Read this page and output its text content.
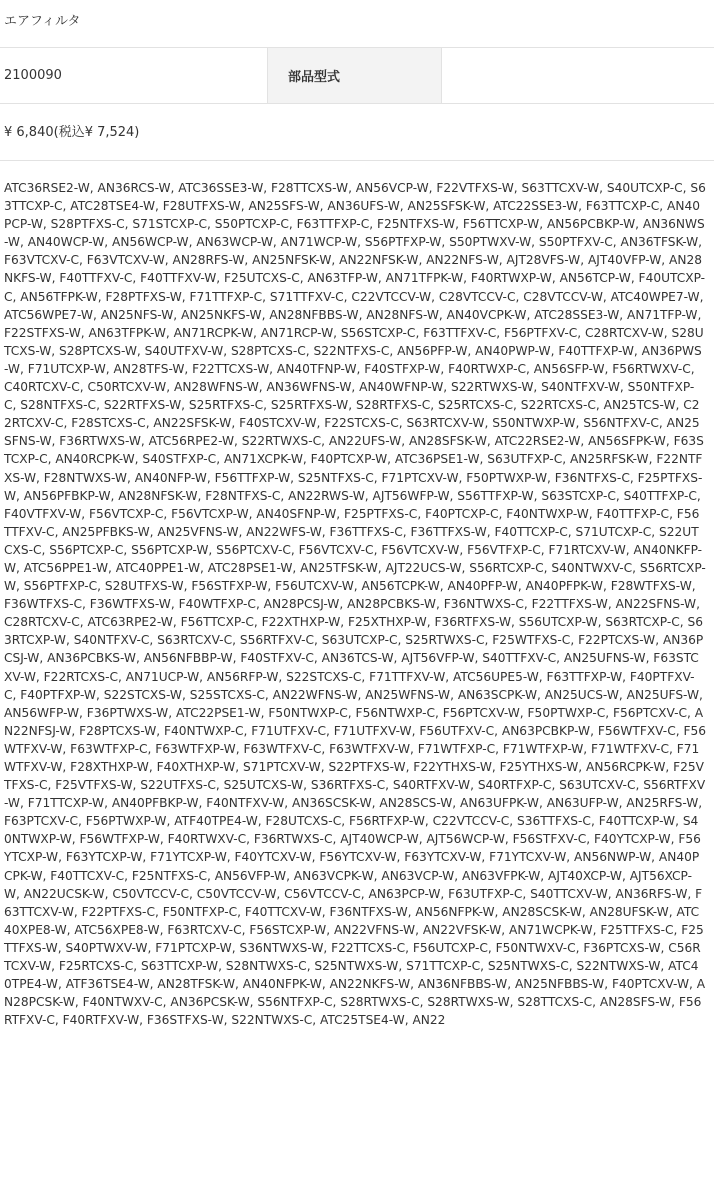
エアフィルタ
2100090	部品型式
¥ 6,840(税込¥ 7,524)
ATC36RSE2-W, AN36RCS-W, ATC36SSE3-W, F28TTCXS-W, AN56VCP-W, F22VTFXS-W, S63TTCXV-W, S40UTCXP-C, S63TTCXP-C, ATC28TSE4-W, F28UTFXS-W, AN25SFS-W, AN36UFS-W, AN25SFSK-W, ATC22SSE3-W, F63TTCXP-C, AN40PCP-W, S28PTFXS-C, S71STCXP-C, S50PTCXP-C, F63TTFXP-C, F25NTFXS-W, F56TTCXP-W, AN56PCBKP-W, AN36NWS-W, AN40WCP-W, AN56WCP-W, AN63WCP-W, AN71WCP-W, S56PTFXP-W, S50PTWXV-W, S50PTFXV-C, AN36TFSK-W, F63VTCXV-C, F63VTCXV-W, AN28RFS-W, AN25NFSK-W, AN22NFSK-W, AN22NFS-W, AJT28VFS-W, AJT40VFP-W, AN28NKFS-W, F40TTFXV-C, F40TTFXV-W, F25UTCXS-C, AN63TFP-W, AN71TFPK-W, F40RTWXP-W, AN56TCP-W, F40UTCXP-C, AN56TFPK-W, F28PTFXS-W, F71TTFXP-C, S71TTFXV-C, C22VTCCV-W, C28VTCCV-C, C28VTCCV-W, ATC40WPE7-W, ATC56WPE7-W, AN25NFS-W, AN25NKFS-W, AN28NFBBS-W, AN28NFS-W, AN40VCPK-W, ATC28SSE3-W, AN71TFP-W, F22STFXS-W, AN63TFPK-W, AN71RCPK-W, AN71RCP-W, S56STCXP-C, F63TTFXV-C, F56PTFXV-C, C28RTCXV-W, S28UTCXS-W, S28PTCXS-W, S40UTFXV-W, S28PTCXS-C, S22NTFXS-C, AN56PFP-W, AN40PWP-W, F40TTFXP-W, AN36PWS-W, F71UTCXP-W, AN28TFS-W, F22TTCXS-W, AN40TFNP-W, F40STFXP-W, F40RTWXP-C, AN56SFP-W, F56RTWXV-C, C40RTCXV-C, C50RTCXV-W, AN28WFNS-W, AN36WFNS-W, AN40WFNP-W, S22RTWXS-W, S40NTFXV-W, S50NTFXP-C, S28NTFXS-C, S22RTFXS-W, S25RTFXS-C, S25RTFXS-W, S28RTFXS-C, S25RTCXS-C, S22RTCXS-C, AN25TCS-W, C22RTCXV-C, F28STCXS-C, AN22SFSK-W, F40STCXV-W, F22STCXS-C, S63RTCXV-W, S50NTWXP-W, S56NTFXV-C, AN25SFNS-W, F36RTWXS-W, ATC56RPE2-W, S22RTWXS-C, AN22UFS-W, AN28SFSK-W, ATC22RSE2-W, AN56SFPK-W, F63STCXP-C, AN40RCPK-W, S40STFXP-C, AN71XCPK-W, F40PTCXP-W, ATC36PSE1-W, S63UTFXP-C, AN25RFSK-W, F22NTFXS-W, F28NTWXS-W, AN40NFP-W, F56TTFXP-W, S25NTFXS-C, F71PTCXV-W, F50PTWXP-W, F36NTFXS-C, F25PTFXS-W, AN56PFBKP-W, AN28NFSK-W, F28NTFXS-C, AN22RWS-W, AJT56WFP-W, S56TTFXP-W, S63STCXP-C, S40TTFXP-C, F40VTFXV-W, F56VTCXP-C, F56VTCXP-W, AN40SFNP-W, F25PTFXS-C, F40PTCXP-C, F40NTWXP-W, F40TTFXP-C, F56TTFXV-C, AN25PFBKS-W, AN25VFNS-W, AN22WFS-W, F36TTFXS-C, F36TTFXS-W, F40TTCXP-C, S71UTCXP-C, S22UTCXS-C, S56PTCXP-C, S56PTCXP-W, S56PTCXV-C, F56VTCXV-C, F56VTCXV-W, F56VTFXP-C, F71RTCXV-W, AN40NKFP-W, ATC56PPE1-W, ATC40PPE1-W, ATC28PSE1-W, AN25TFSK-W, AJT22UCS-W, S56RTCXP-C, S40NTWXV-C, S56RTCXP-W, S56PTFXP-C, S28UTFXS-W, F56STFXP-W, F56UTCXV-W, AN56TCPK-W, AN40PFP-W, AN40PFPK-W, F28WTFXS-W, F36WTFXS-C, F36WTFXS-W, F40WTFXP-C, AN28PCSJ-W, AN28PCBKS-W, F36NTWXS-C, F22TTFXS-W, AN22SFNS-W, C28RTCXV-C, ATC63RPE2-W, F56TTCXP-C, F22XTHXP-W, F25XTHXP-W, F36RTFXS-W, S56UTCXP-W, S63RTCXP-C, S63RTCXP-W, S40NTFXV-C, S63RTCXV-C, S56RTFXV-C, S63UTCXP-C, S25RTWXS-C, F25WTFXS-C, F22PTCXS-W, AN36PCSJ-W, AN36PCBKS-W, AN56NFBBP-W, F40STFXV-C, AN36TCS-W, AJT56VFP-W, S40TTFXV-C, AN25UFNS-W, F63STCXV-W, F22RTCXS-C, AN71UCP-W, AN56RFP-W, S22STCXS-C, F71TTFXV-W, ATC56UPE5-W, F63TTFXP-W, F40PTFXV-C, F40PTFXP-W, S22STCXS-W, S25STCXS-C, AN22WFNS-W, AN25WFNS-W, AN63SCPK-W, AN25UCS-W, AN25UFS-W, AN56WFP-W, F36PTWXS-W, ATC22PSE1-W, F50NTWXP-C, F56NTWXP-C, F56PTCXV-W, F50PTWXP-C, F56PTCXV-C, AN22NFSJ-W, F28PTCXS-W, F40NTWXP-C, F71UTFXV-C, F71UTFXV-W, F56UTFXV-C, AN63PCBKP-W, F56WTFXV-C, F56WTFXV-W, F63WTFXP-C, F63WTFXP-W, F63WTFXV-C, F63WTFXV-W, F71WTFXP-C, F71WTFXP-W, F71WTFXV-C, F71WTFXV-W, F28XTHXP-W, F40XTHXP-W, S71PTCXV-W, S22PTFXS-W, F22YTHXS-W, F25YTHXS-W, AN56RCPK-W, F25VTFXS-C, F25VTFXS-W, S22UTFXS-C, S25UTCXS-W, S36RTFXS-C, S40RTFXV-W, S40RTFXP-C, S63UTCXV-C, S56RTFXV-W, F71TTCXP-W, AN40PFBKP-W, F40NTFXV-W, AN36SCSK-W, AN28SCS-W, AN63UFPK-W, AN63UFP-W, AN25RFS-W, F63PTCXV-C, F56PTWXP-W, ATF40TPE4-W, F28UTCXS-C, F56RTFXP-W, C22VTCCV-C, S36TTFXS-C, F40TTCXP-W, S40NTWXP-W, F56WTFXP-W, F40RTWXV-C, F36RTWXS-C, AJT40WCP-W, AJT56WCP-W, F56STFXV-C, F40YTCXP-W, F56YTCXP-W, F63YTCXP-W, F71YTCXP-W, F40YTCXV-W, F56YTCXV-W, F63YTCXV-W, F71YTCXV-W, AN56NWP-W, AN40PCPK-W, F40TTCXV-C, F25NTFXS-C, AN56VFP-W, AN63VCPK-W, AN63VCP-W, AN63VFPK-W, AJT40XCP-W, AJT56XCP-W, AN22UCSK-W, C50VTCCV-C, C50VTCCV-W, C56VTCCV-C, AN63PCP-W, F63UTFXP-C, S40TTCXV-W, AN36RFS-W, F63TTCXV-W, F22PTFXS-C, F50NTFXP-C, F40TTCXV-W, F36NTFXS-W, AN56NFPK-W, AN28SCSK-W, AN28UFSK-W, ATC40XPE8-W, ATC56XPE8-W, F63RTCXV-C, F56STCXP-W, AN22VFNS-W, AN22VFSK-W, AN71WCPK-W, F25TTFXS-C, F25TTFXS-W, S40PTWXV-W, F71PTCXP-W, S36NTWXS-W, F22TTCXS-C, F56UTCXP-C, F50NTWXV-C, F36PTCXS-W, C56RTCXV-W, F25RTCXS-C, S63TTCXP-W, S28NTWXS-C, S25NTWXS-W, S71TTCXP-C, S25NTWXS-C, S22NTWXS-W, ATC40TPE4-W, ATF36TSE4-W, AN28TFSK-W, AN40NFPK-W, AN22NKFS-W, AN36NFBBS-W, AN25NFBBS-W, F40PTCXV-W, AN28PCSK-W, F40NTWXV-C, AN36PCSK-W, S56NTFXP-C, S28RTWXS-C, S28RTWXS-W, S28TTCXS-C, AN28SFS-W, F56RTFXV-C, F40RTFXV-W, F36STFXS-W, S22NTWXS-C, ATC25TSE4-W, AN22
